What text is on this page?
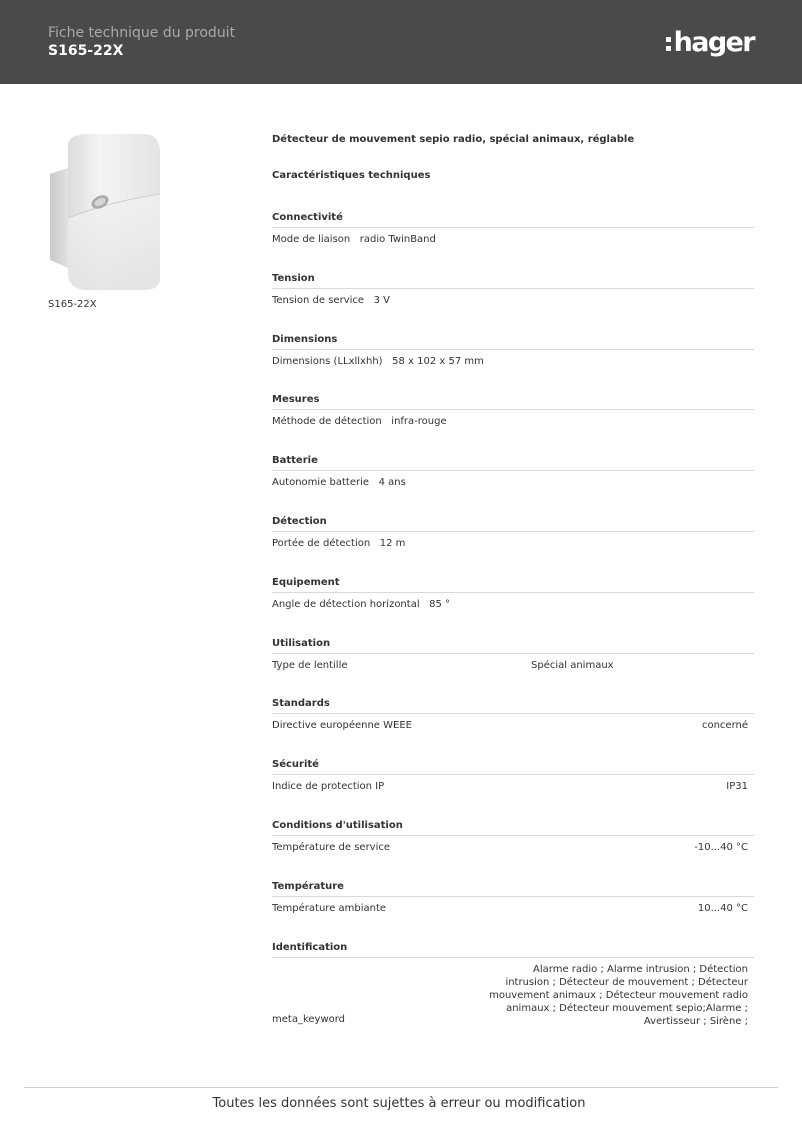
Fiche technique du produit
S165-22X	hager
S165-22X
Détecteur de mouvement sepio radio, spécial animaux, réglable
Caractéristiques techniques
Connectivité
Mode de liaison radio TwinBand
Tension
Tension de service 3 V
Dimensions
Dimensions (LLxllxhh) 58 x 102 x 57 mm
Mesures
Méthode de détection infra-rouge
Batterie
Autonomie batterie 4 ans
Détection
Portée de détection 12 m
Equipement
Angle de détection horizontal 85 °
Utilisation
Type de lentille	Spécial animaux
Standards
Directive européenne WEEE	concerné
Sécurité
Indice de protection IP	IP31
Conditions d'utilisation
Température de service	-10...40 °C
Température
Température ambiante	10...40 °C
Identification
meta_keyword
Alarme radio ; Alarme intrusion ; Détection intrusion ; Détecteur de mouvement ; Détecteur mouvement animaux ; Détecteur mouvement radio animaux ; Détecteur mouvement sepio;Alarme ; Avertisseur ; Sirène ;
Toutes les données sont sujettes à erreur ou modification
